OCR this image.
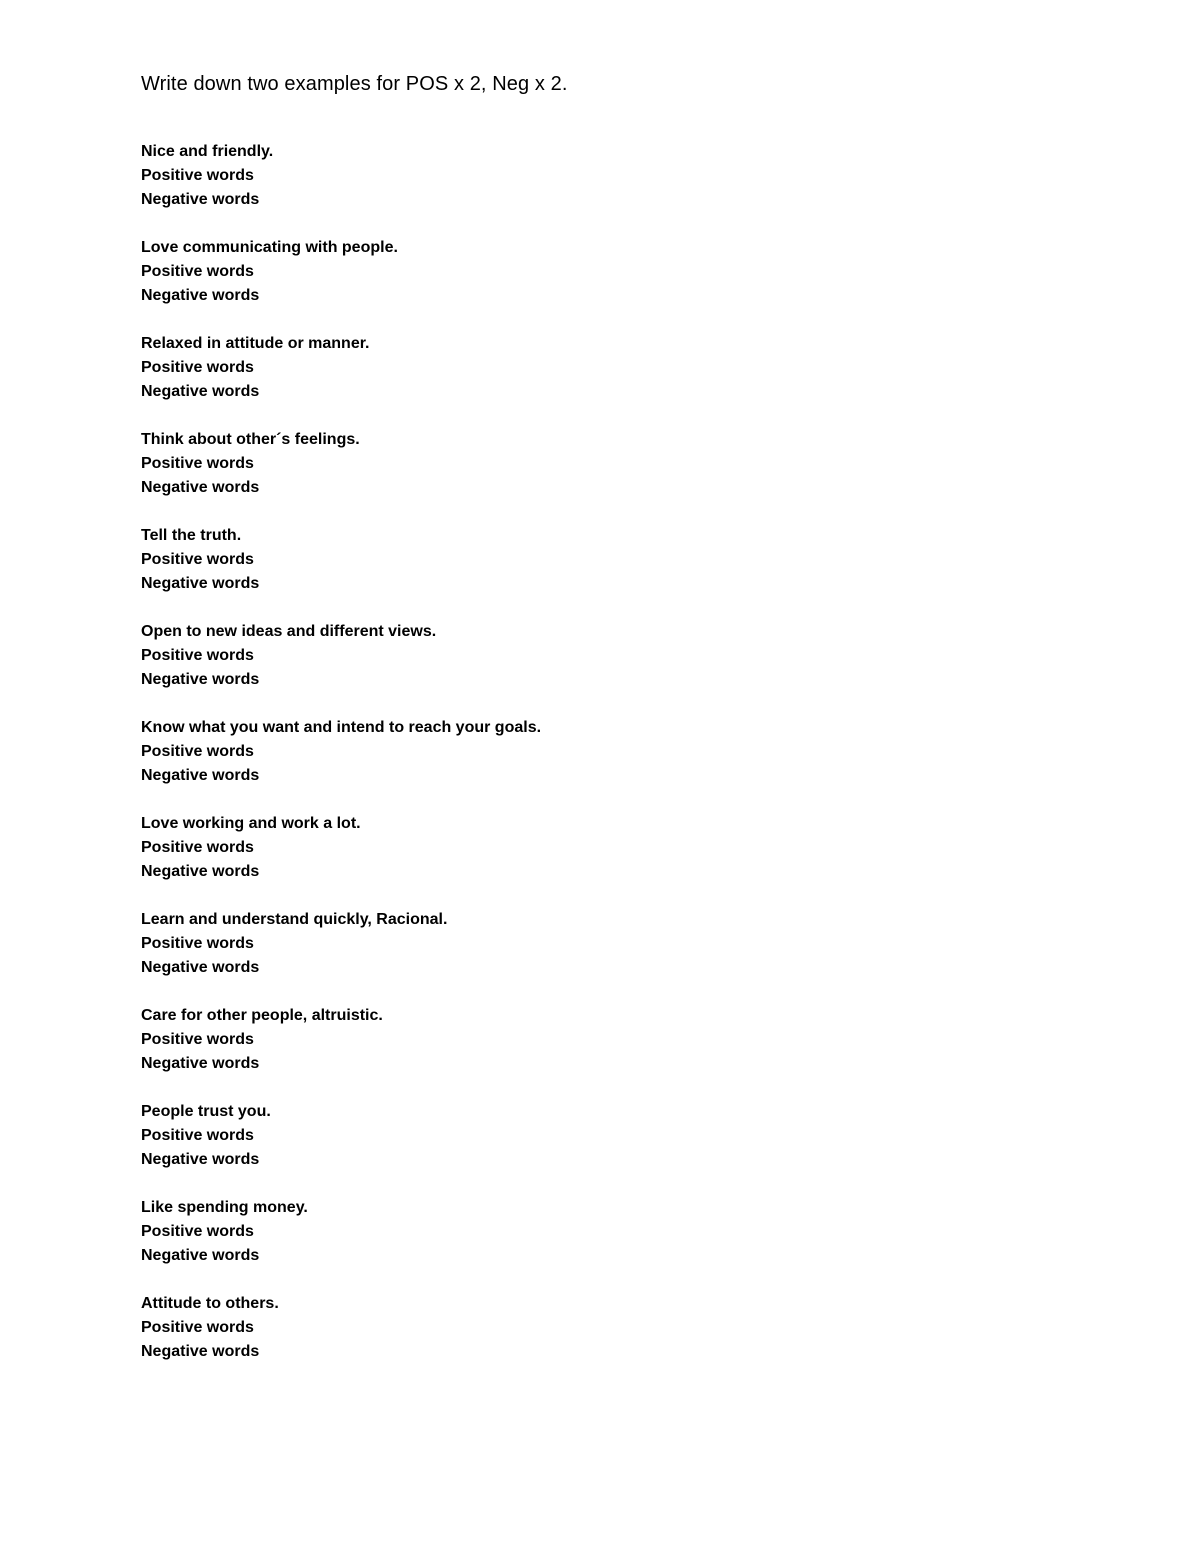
Write down two examples for POS x 2, Neg x 2.
Nice and friendly.
Positive words
Negative words
Love communicating with people.
Positive words
Negative words
Relaxed in attitude or manner.
Positive words
Negative words
Think about other´s feelings.
Positive words
Negative words
Tell the truth.
Positive words
Negative words
Open to new ideas and different views.
Positive words
Negative words
Know what you want and intend to reach your goals.
Positive words
Negative words
Love working and work a lot.
Positive words
Negative words
Learn and understand quickly, Racional.
Positive words
Negative words
Care for other people, altruistic.
Positive words
Negative words
People trust you.
Positive words
Negative words
Like spending money.
Positive words
Negative words
Attitude to others.
Positive words
Negative words
